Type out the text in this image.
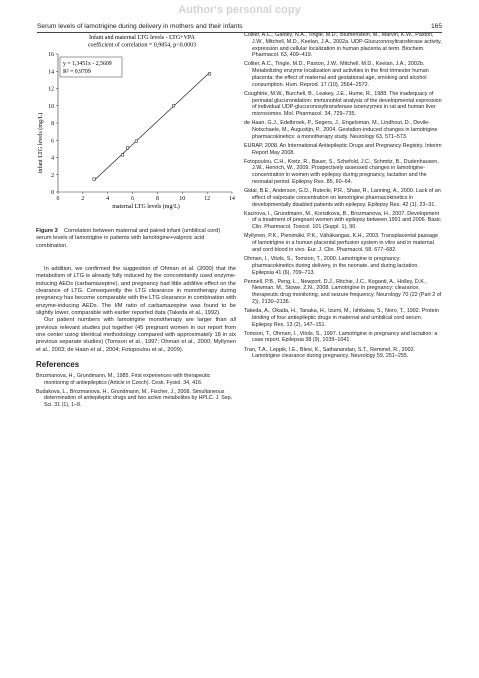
Author's personal copy
Serum levels of lamotrigine during delivery in mothers and their infants	165
Infant and maternal LTG levels - LTG+VPA
coefficient of correlation = 0,9854, p<0.0003
y = 1,3451x - 2,5609
R² = 0,9709
0
2
4
6
8
10
12
14
16
0	2	4	6	8	10	12	14
maternal LTG levels (mg/L)
infant LTG levels (mg/L)
Figure 3 Correlation between maternal and paired infant (umbilical cord) serum levels of lamotrigine in patients with lamotrigine+valproic acid combination.

In addition, we confirmed the suggestion of Ohman et al. (2000) that the metabolism of LTG is already fully induced by the concomitantly used enzyme-inducing AEDs (carbamazepine), and pregnancy had little additive effect on the clearance of LTG. Consequently the LTG clearance in monotherapy during pregnancy has become comparable with the LTG clearance in combination with enzyme-inducing AEDs. The I/M ratio of carbamazepine was found to be slightly lower, comparable with earlier reported data (Takeda et al., 1992).

Our patient numbers with lamotrigine monotherapy are larger than all previous relevant studies put together (45 pregnant women in our report from one center using identical methodology compared with approximately 18 in six previous separate studies) (Tomson et al., 1997; Ohman et al., 2000; Myllynen et al., 2003; de Haan et al., 2004; Fotopoulou et al., 2009).

References
Brozmanova, H., Grundmann, M., 1985. First experiences with therapeutic monitoring of antiepileptics (Article in Czech). Cesk. Fysiol. 34, 416.
Budakova, L., Brozmanova, H., Grundmann, M., Fischer, J., 2008. Simultaneous determination of antiepileptic drugs and two active metabolites by HPLC. J. Sep. Sci. 31 (1), 1–8.
Collier, A.C., Ganley, N.A., Tingle, M.D., Blumenstein, M., Marvin, K.W., Paxton, J.W., Mitchell, M.D., Keelan, J.A., 2002a. UDP-Glucuronosyltransferase activity, expression and cellular localization in human placenta at term. Biochem. Pharmacol. 63, 409–419.
Collier, A.C., Tingle, M.D., Paxton, J.W., Mitchell, M.D., Keelan, J.A., 2002b. Metabolizing enzyme localization and activities in the first trimester human placenta: the effect of maternal and gestational age, smoking and alcohol consumption. Hum. Reprod. 17 (10), 2564–2572.
Coughtrie, M.W., Burchell, B., Leakey, J.E., Hume, R., 1988. The inadequacy of perinatal glucuronidation: immunoblot analysis of the developmental expression of individual UDP-glucuronosyltransferase isoenzymes in rat and human liver microsomes. Mol. Pharmacol. 34, 729–735.
de Haan, G.J., Edelbroek, P., Segers, J., Engelsman, M., Lindhout, D., Devile-Notschaele, M., Augustijn, P., 2004. Gestation-induced changes in lamotrigine pharmacokinetics: a monotherapy study. Neurology 63, 571–573.
EURAP, 2008. An International Antiepileptic Drugs and Pregnancy Registry. Interim Report May 2008.
Fotopoulou, C.H., Kretz, R., Bauer, S., Schefold, J.C., Schmitz, B., Dudenhausen, J.W., Henrich, W., 2009. Prospectively assessed changes in lamotrigine-concentration in women with epilepsy during pregnancy, lactation and the neonatal period. Epilepsy Res. 85, 60–64.
Gidal, B.E., Anderson, G.D., Rutecki, P.R., Shaw, R., Lanning, A., 2000. Lack of an effect of valproate concentration on lamotrigine pharmacokinetics in developmentally disabled patients with epilepsy. Epilepsy Res. 42 (1), 23–31.
Kacirova, I., Grundmann, M., Koristkova, B., Brozmanova, H., 2007. Development of a treatment of pregnant women with epilepsy between 1991 and 2006. Basic Clin. Pharmacol. Toxicol. 101 (Suppl. 1), 90.
Myllynen, P.K., Pienimäki, P.K., Vähäkangas, K.H., 2003. Transplacental passage of lamotrigine in a human placental perfusion system in vitro and in maternal and cord blood in vivo. Eur. J. Clin. Pharmacol. 58, 677–682.
Ohman, I., Vitols, S., Tomson, T., 2000. Lamotrigine in pregnancy: pharmacokinetics during delivery, in the neonate, and during lactation. Epilepsia 41 (6), 709–713.
Pennell, P.B., Peng, L., Newport, D.J., Ritchie, J.C., Koganti, A., Holley, D.K., Newman, M., Stowe, Z.N., 2008. Lamotrigine in pregnancy: clearance, therapeutic drug monitoring, and seizure frequency. Neurology 70 (22 (Part 2 of 2)), 2130–2136.
Takeda, A., Okada, H., Tanaka, H., Izumi, M., Ishikawa, S., Noro, T., 1992. Protein binding of four antiepileptic drugs in maternal and umbilical cord serum. Epilepsy Res. 13 (2), 147–151.
Tomson, T., Ohman, I., Vitols, S., 1997. Lamotrigine in pregnancy and lactation: a case report. Epilepsia 38 (9), 1039–1041.
Tran, T.A., Leppik, I.E., Blesi, K., Sathanandan, S.T., Remmel, R., 2002. Lamotrigine clearance during pregnancy. Neurology 59, 251–255.
